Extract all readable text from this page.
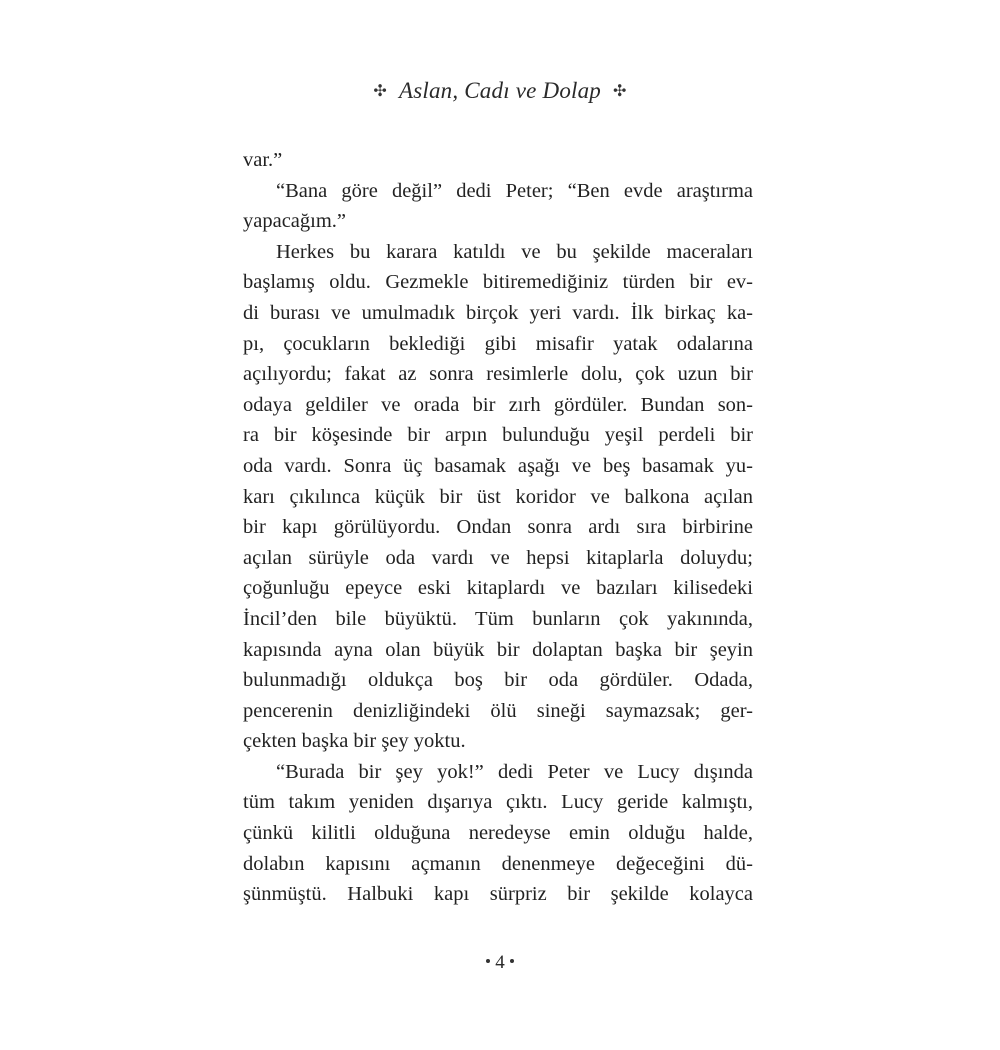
✣ Aslan, Cadı ve Dolap ✣
var.”
“Bana göre değil” dedi Peter; “Ben evde araştırma
yapacağım.”
Herkes bu karara katıldı ve bu şekilde maceraları
başlamış oldu. Gezmekle bitiremediğiniz türden bir ev-
di burası ve umulmadık birçok yeri vardı. İlk birkaç ka-
pı, çocukların beklediği gibi misafir yatak odalarına
açılıyordu; fakat az sonra resimlerle dolu, çok uzun bir
odaya geldiler ve orada bir zırh gördüler. Bundan son-
ra bir köşesinde bir arpın bulunduğu yeşil perdeli bir
oda vardı. Sonra üç basamak aşağı ve beş basamak yu-
karı çıkılınca küçük bir üst koridor ve balkona açılan
bir kapı görülüyordu. Ondan sonra ardı sıra birbirine
açılan sürüyle oda vardı ve hepsi kitaplarla doluydu;
çoğunluğu epeyce eski kitaplardı ve bazıları kilisedeki
İncil’den bile büyüktü. Tüm bunların çok yakınında,
kapısında ayna olan büyük bir dolaptan başka bir şeyin
bulunmadığı oldukça boş bir oda gördüler. Odada,
pencerenin denizliğindeki ölü sineği saymazsak; ger-
çekten başka bir şey yoktu.
“Burada bir şey yok!” dedi Peter ve Lucy dışında
tüm takım yeniden dışarıya çıktı. Lucy geride kalmıştı,
çünkü kilitli olduğuna neredeyse emin olduğu halde,
dolabın kapısını açmanın denenmeye değeceğini dü-
şünmüştü. Halbuki kapı sürpriz bir şekilde kolayca
4
